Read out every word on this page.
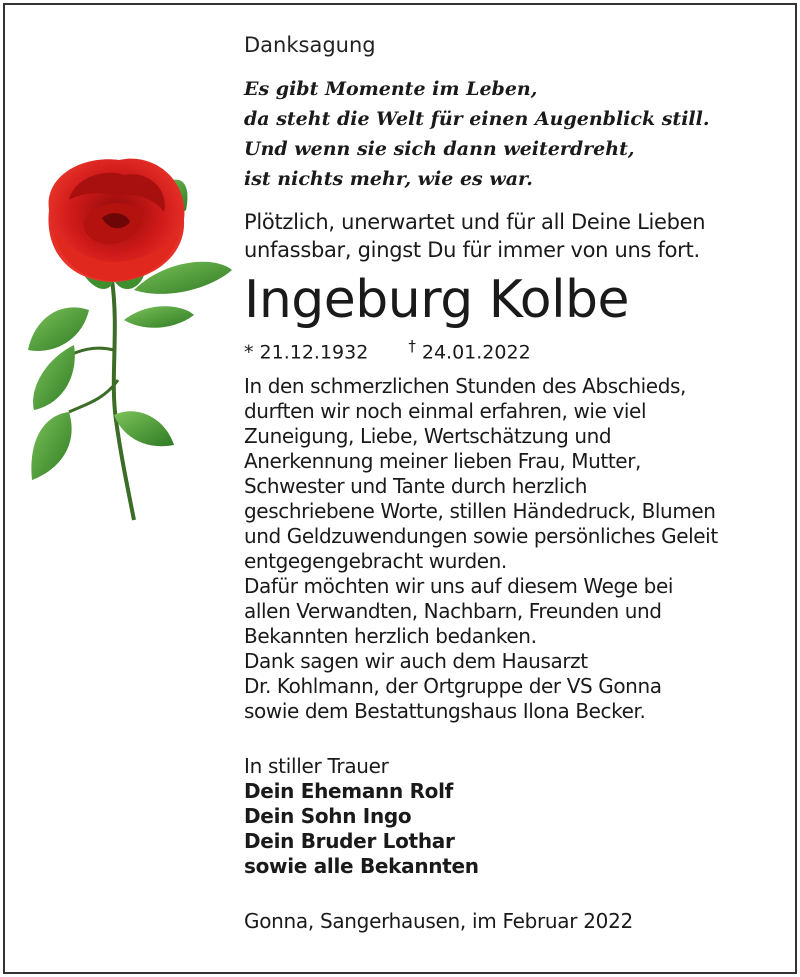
Danksagung
Es gibt Momente im Leben,
da steht die Welt für einen Augenblick still.
Und wenn sie sich dann weiterdreht,
ist nichts mehr, wie es war.
Plötzlich, unerwartet und für all Deine Lieben
unfassbar, gingst Du für immer von uns fort.
Ingeburg Kolbe
* 21.12.1932	† 24.01.2022
In den schmerzlichen Stunden des Abschieds,
durften wir noch einmal erfahren, wie viel
Zuneigung, Liebe, Wertschätzung und
Anerkennung meiner lieben Frau, Mutter,
Schwester und Tante durch herzlich
geschriebene Worte, stillen Händedruck, Blumen
und Geldzuwendungen sowie persönliches Geleit
entgegengebracht wurden.
Dafür möchten wir uns auf diesem Wege bei
allen Verwandten, Nachbarn, Freunden und
Bekannten herzlich bedanken.
Dank sagen wir auch dem Hausarzt
Dr. Kohlmann, der Ortgruppe der VS Gonna
sowie dem Bestattungshaus Ilona Becker.
In stiller Trauer
Dein Ehemann Rolf
Dein Sohn Ingo
Dein Bruder Lothar
sowie alle Bekannten
Gonna, Sangerhausen, im Februar 2022
